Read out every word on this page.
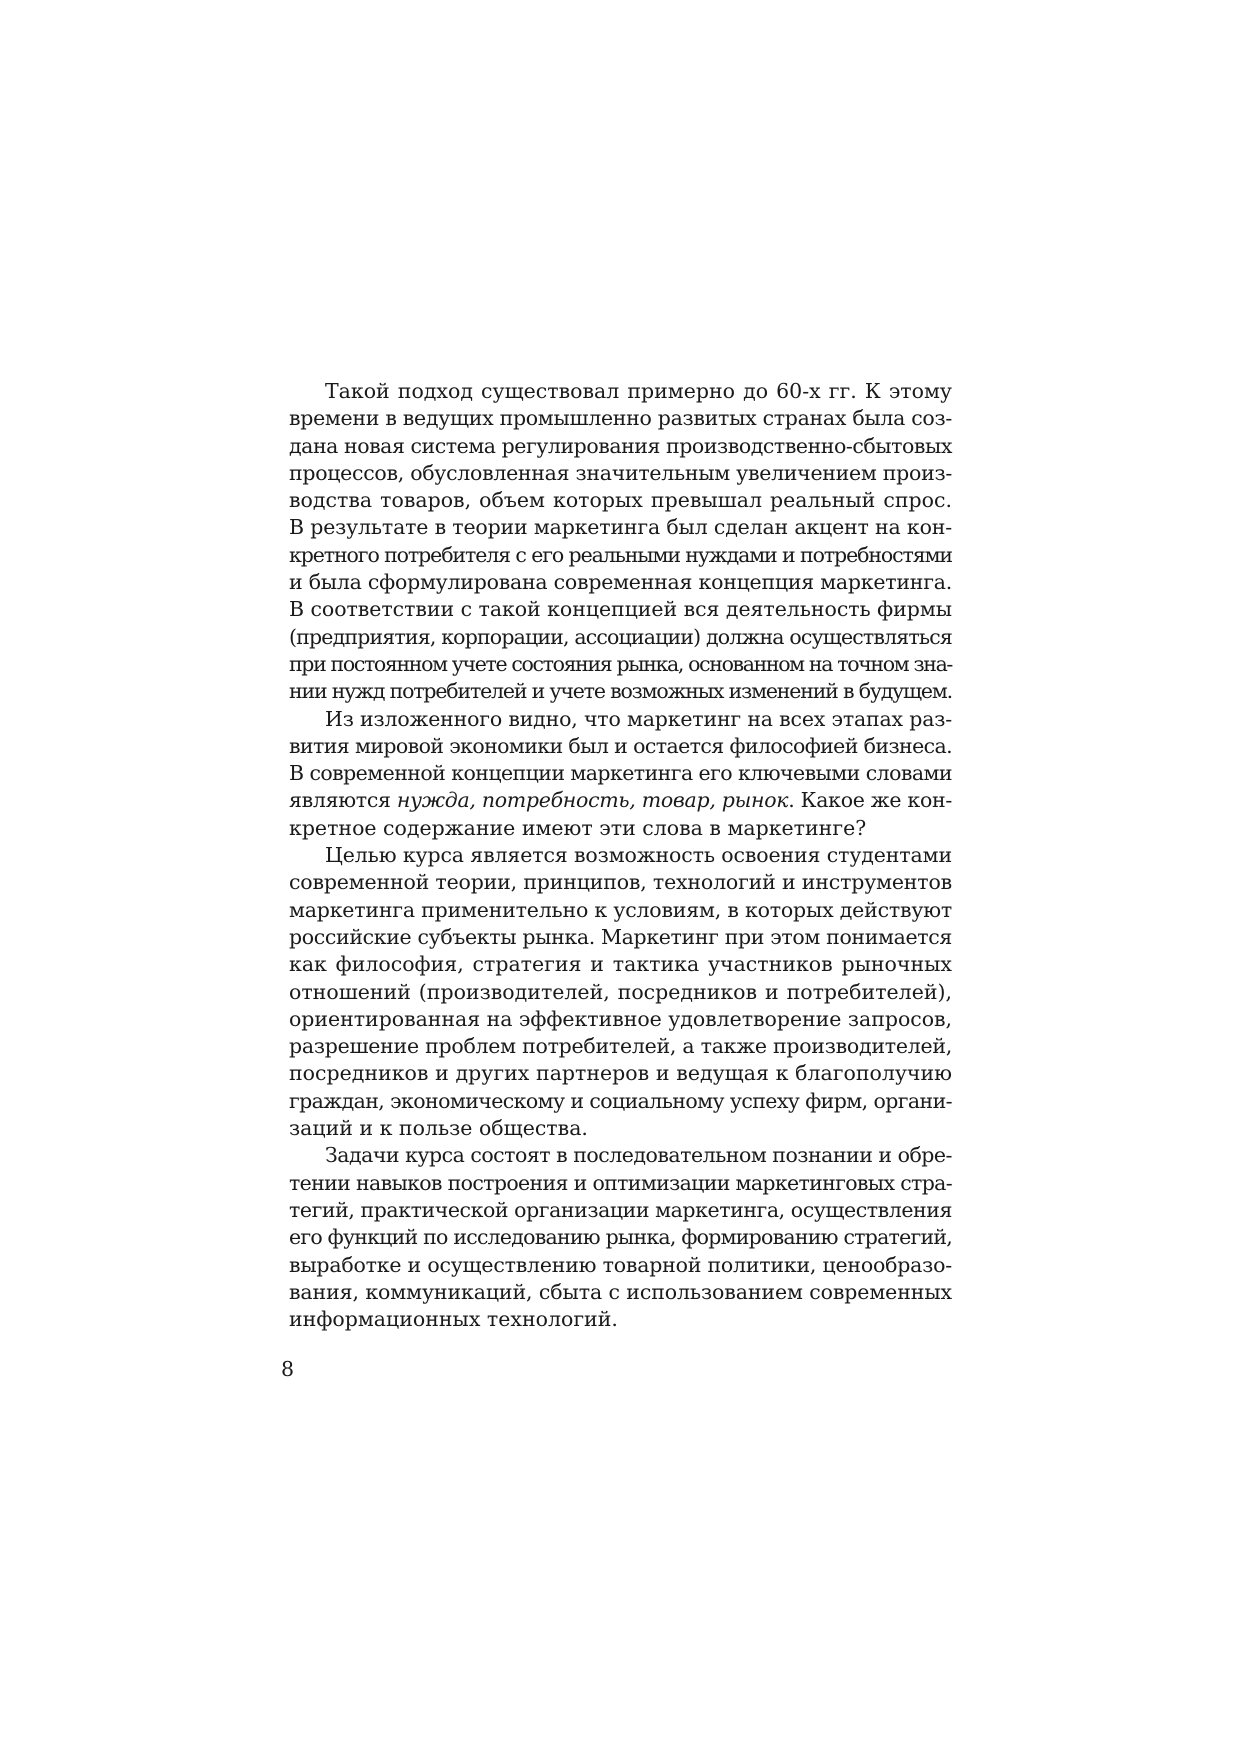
Такой подход существовал примерно до 60-х гг. К этому
времени в ведущих промышленно развитых странах была соз-
дана новая система регулирования производственно-сбытовых
процессов, обусловленная значительным увеличением произ-
водства товаров, объем которых превышал реальный спрос.
В результате в теории маркетинга был сделан акцент на кон-
кретного потребителя с его реальными нуждами и потребностями
и была сформулирована современная концепция маркетинга.
В соответствии с такой концепцией вся деятельность фирмы
(предприятия, корпорации, ассоциации) должна осуществляться
при постоянном учете состояния рынка, основанном на точном зна-
нии нужд потребителей и учете возможных изменений в будущем.
Из изложенного видно, что маркетинг на всех этапах раз-
вития мировой экономики был и остается философией бизнеса.
В современной концепции маркетинга его ключевыми словами
являются нужда, потребность, товар, рынок. Какое же кон-
кретное содержание имеют эти слова в маркетинге?
Целью курса является возможность освоения студентами
современной теории, принципов, технологий и инструментов
маркетинга применительно к условиям, в которых действуют
российские субъекты рынка. Маркетинг при этом понимается
как философия, стратегия и тактика участников рыночных
отношений (производителей, посредников и потребителей),
ориентированная на эффективное удовлетворение запросов,
разрешение проблем потребителей, а также производителей,
посредников и других партнеров и ведущая к благополучию
граждан, экономическому и социальному успеху фирм, органи-
заций и к пользе общества.
Задачи курса состоят в последовательном познании и обре-
тении навыков построения и оптимизации маркетинговых стра-
тегий, практической организации маркетинга, осуществления
его функций по исследованию рынка, формированию стратегий,
выработке и осуществлению товарной политики, ценообразо-
вания, коммуникаций, сбыта с использованием современных
информационных технологий.
8
